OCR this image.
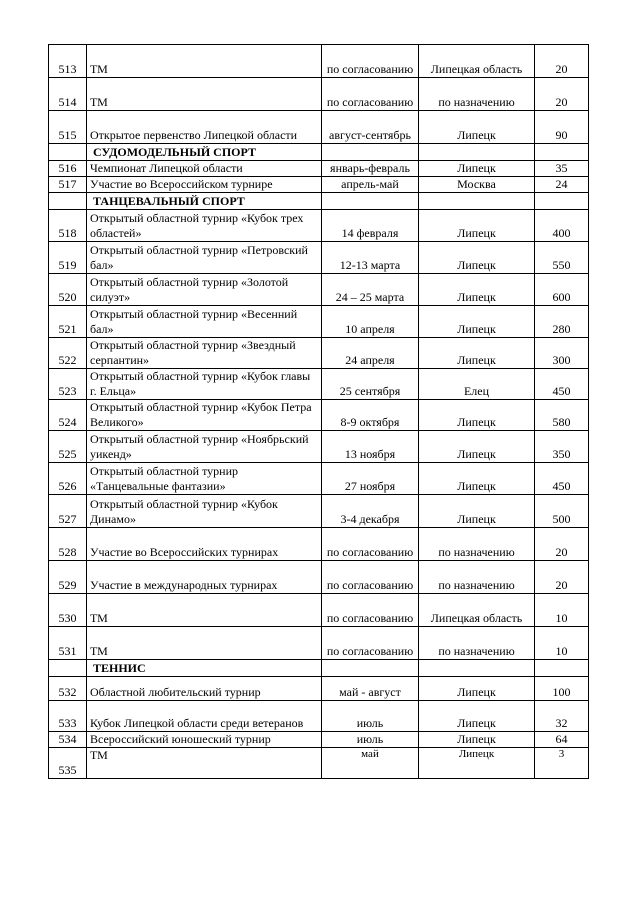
513	ТМ	по согласованию	Липецкая область	20
514	ТМ	по согласованию	по назначению	20
515	Открытое первенство Липецкой области	август-сентябрь	Липецк	90
	СУДОМОДЕЛЬНЫЙ СПОРТ			
516	Чемпионат Липецкой области	январь-февраль	Липецк	35
517	Участие во Всероссийском турнире	апрель-май	Москва	24
	ТАНЦЕВАЛЬНЫЙ СПОРТ			
518	Открытый областной турнир «Кубок трех областей»	14 февраля	Липецк	400
519	Открытый областной турнир «Петровский бал»	12-13 марта	Липецк	550
520	Открытый областной турнир «Золотой силуэт»	24 – 25 марта	Липецк	600
521	Открытый областной турнир «Весенний бал»	10 апреля	Липецк	280
522	Открытый областной турнир «Звездный серпантин»	24 апреля	Липецк	300
523	Открытый областной турнир «Кубок главы г. Ельца»	25 сентября	Елец	450
524	Открытый областной турнир «Кубок Петра Великого»	8-9 октября	Липецк	580
525	Открытый областной турнир «Ноябрьский уикенд»	13 ноября	Липецк	350
526	Открытый областной турнир «Танцевальные фантазии»	27 ноября	Липецк	450
527	Открытый областной турнир «Кубок Динамо»	3-4 декабря	Липецк	500
528	Участие во Всероссийских турнирах	по согласованию	по назначению	20
529	Участие в международных турнирах	по согласованию	по назначению	20
530	ТМ	по согласованию	Липецкая область	10
531	ТМ	по согласованию	по назначению	10
	ТЕННИС			
532	Областной любительский турнир	май - август	Липецк	100
533	Кубок Липецкой области среди ветеранов	июль	Липецк	32
534	Всероссийский юношеский турнир	июль	Липецк	64
535	ТМ	май	Липецк	3
